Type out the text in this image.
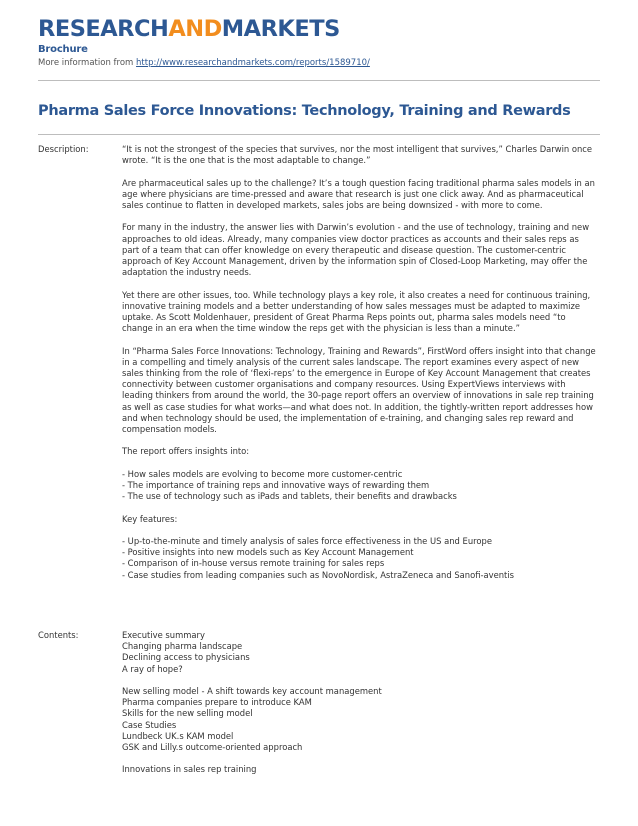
RESEARCHANDMARKETS
Brochure
More information from http://www.researchandmarkets.com/reports/1589710/
Pharma Sales Force Innovations: Technology, Training and Rewards
Description:	“It is not the strongest of the species that survives, nor the most intelligent that survives,” Charles Darwin once wrote. “It is the one that is the most adaptable to change.”

Are pharmaceutical sales up to the challenge? It’s a tough question facing traditional pharma sales models in an age where physicians are time-pressed and aware that research is just one click away. And as pharmaceutical sales continue to flatten in developed markets, sales jobs are being downsized - with more to come.

For many in the industry, the answer lies with Darwin’s evolution - and the use of technology, training and new approaches to old ideas. Already, many companies view doctor practices as accounts and their sales reps as part of a team that can offer knowledge on every therapeutic and disease question. The customer-centric approach of Key Account Management, driven by the information spin of Closed-Loop Marketing, may offer the adaptation the industry needs.

Yet there are other issues, too. While technology plays a key role, it also creates a need for continuous training, innovative training models and a better understanding of how sales messages must be adapted to maximize uptake. As Scott Moldenhauer, president of Great Pharma Reps points out, pharma sales models need “to change in an era when the time window the reps get with the physician is less than a minute.”

In “Pharma Sales Force Innovations: Technology, Training and Rewards”, FirstWord offers insight into that change in a compelling and timely analysis of the current sales landscape. The report examines every aspect of new sales thinking from the role of ‘flexi-reps’ to the emergence in Europe of Key Account Management that creates connectivity between customer organisations and company resources. Using ExpertViews interviews with leading thinkers from around the world, the 30-page report offers an overview of innovations in sale rep training as well as case studies for what works—and what does not. In addition, the tightly-written report addresses how and when technology should be used, the implementation of e-training, and changing sales rep reward and compensation models.

The report offers insights into:

- How sales models are evolving to become more customer-centric
- The importance of training reps and innovative ways of rewarding them
- The use of technology such as iPads and tablets, their benefits and drawbacks

Key features:

- Up-to-the-minute and timely analysis of sales force effectiveness in the US and Europe
- Positive insights into new models such as Key Account Management
- Comparison of in-house versus remote training for sales reps
- Case studies from leading companies such as NovoNordisk, AstraZeneca and Sanofi-aventis
Contents:	Executive summary
Changing pharma landscape
Declining access to physicians
A ray of hope?
New selling model - A shift towards key account management
Pharma companies prepare to introduce KAM
Skills for the new selling model
Case Studies
Lundbeck UK.s KAM model
GSK and Lilly.s outcome-oriented approach
Innovations in sales rep training
